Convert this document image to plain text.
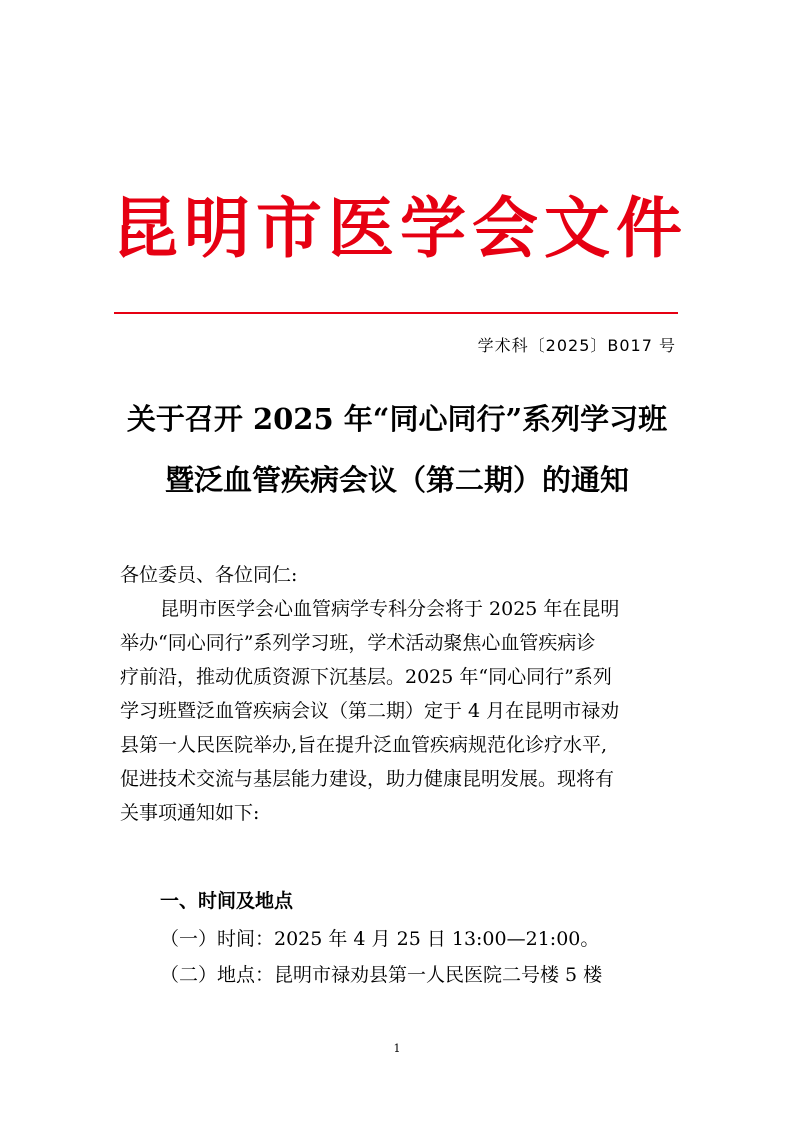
昆 明 市 医 学 会 文 件
学术科〔2025〕B017 号
关于召开 2025 年“同心同行”系列学习班
暨泛血管疾病会议（第二期）的通知
各位委员、各位同仁:
昆明市医学会心血管病学专科分会将于 2025 年在昆明
举办“同心同行”系列学习班，学术活动聚焦心血管疾病诊
疗前沿，推动优质资源下沉基层。2025 年“同心同行”系列
学习班暨泛血管疾病会议（第二期）定于 4 月在昆明市禄劝
县第一人民医院举办,旨在提升泛血管疾病规范化诊疗水平,
促进技术交流与基层能力建设，助力健康昆明发展。现将有
关事项通知如下:
一、时间及地点
（一）时间：2025 年 4 月 25 日 13:00—21:00。
（二）地点：昆明市禄劝县第一人民医院二号楼 5 楼
1
